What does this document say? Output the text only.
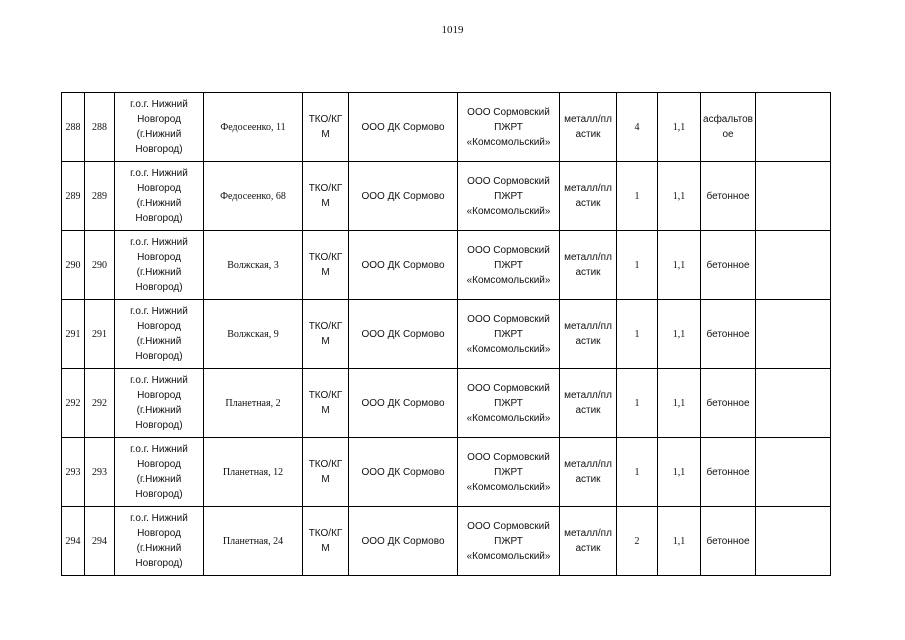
1019
288	288	г.о.г. Нижний
Новгород
(г.Нижний
Новгород)	Федосеенко, 11	ТКО/КГ
М	ООО ДК Сормово	ООО Сормовский
ПЖРТ
«Комсомольский»	металл/пл
астик	4	1,1	асфальтов
ое	

289	289	г.о.г. Нижний
Новгород
(г.Нижний
Новгород)	Федосеенко, 68	ТКО/КГ
М	ООО ДК Сормово	ООО Сормовский
ПЖРТ
«Комсомольский»	металл/пл
астик	1	1,1	бетонное	

290	290	г.о.г. Нижний
Новгород
(г.Нижний
Новгород)	Волжская, 3	ТКО/КГ
М	ООО ДК Сормово	ООО Сормовский
ПЖРТ
«Комсомольский»	металл/пл
астик	1	1,1	бетонное	

291	291	г.о.г. Нижний
Новгород
(г.Нижний
Новгород)	Волжская, 9	ТКО/КГ
М	ООО ДК Сормово	ООО Сормовский
ПЖРТ
«Комсомольский»	металл/пл
астик	1	1,1	бетонное	

292	292	г.о.г. Нижний
Новгород
(г.Нижний
Новгород)	Планетная, 2	ТКО/КГ
М	ООО ДК Сормово	ООО Сормовский
ПЖРТ
«Комсомольский»	металл/пл
астик	1	1,1	бетонное	

293	293	г.о.г. Нижний
Новгород
(г.Нижний
Новгород)	Планетная, 12	ТКО/КГ
М	ООО ДК Сормово	ООО Сормовский
ПЖРТ
«Комсомольский»	металл/пл
астик	1	1,1	бетонное	

294	294	г.о.г. Нижний
Новгород
(г.Нижний
Новгород)	Планетная, 24	ТКО/КГ
М	ООО ДК Сормово	ООО Сормовский
ПЖРТ
«Комсомольский»	металл/пл
астик	2	1,1	бетонное	
